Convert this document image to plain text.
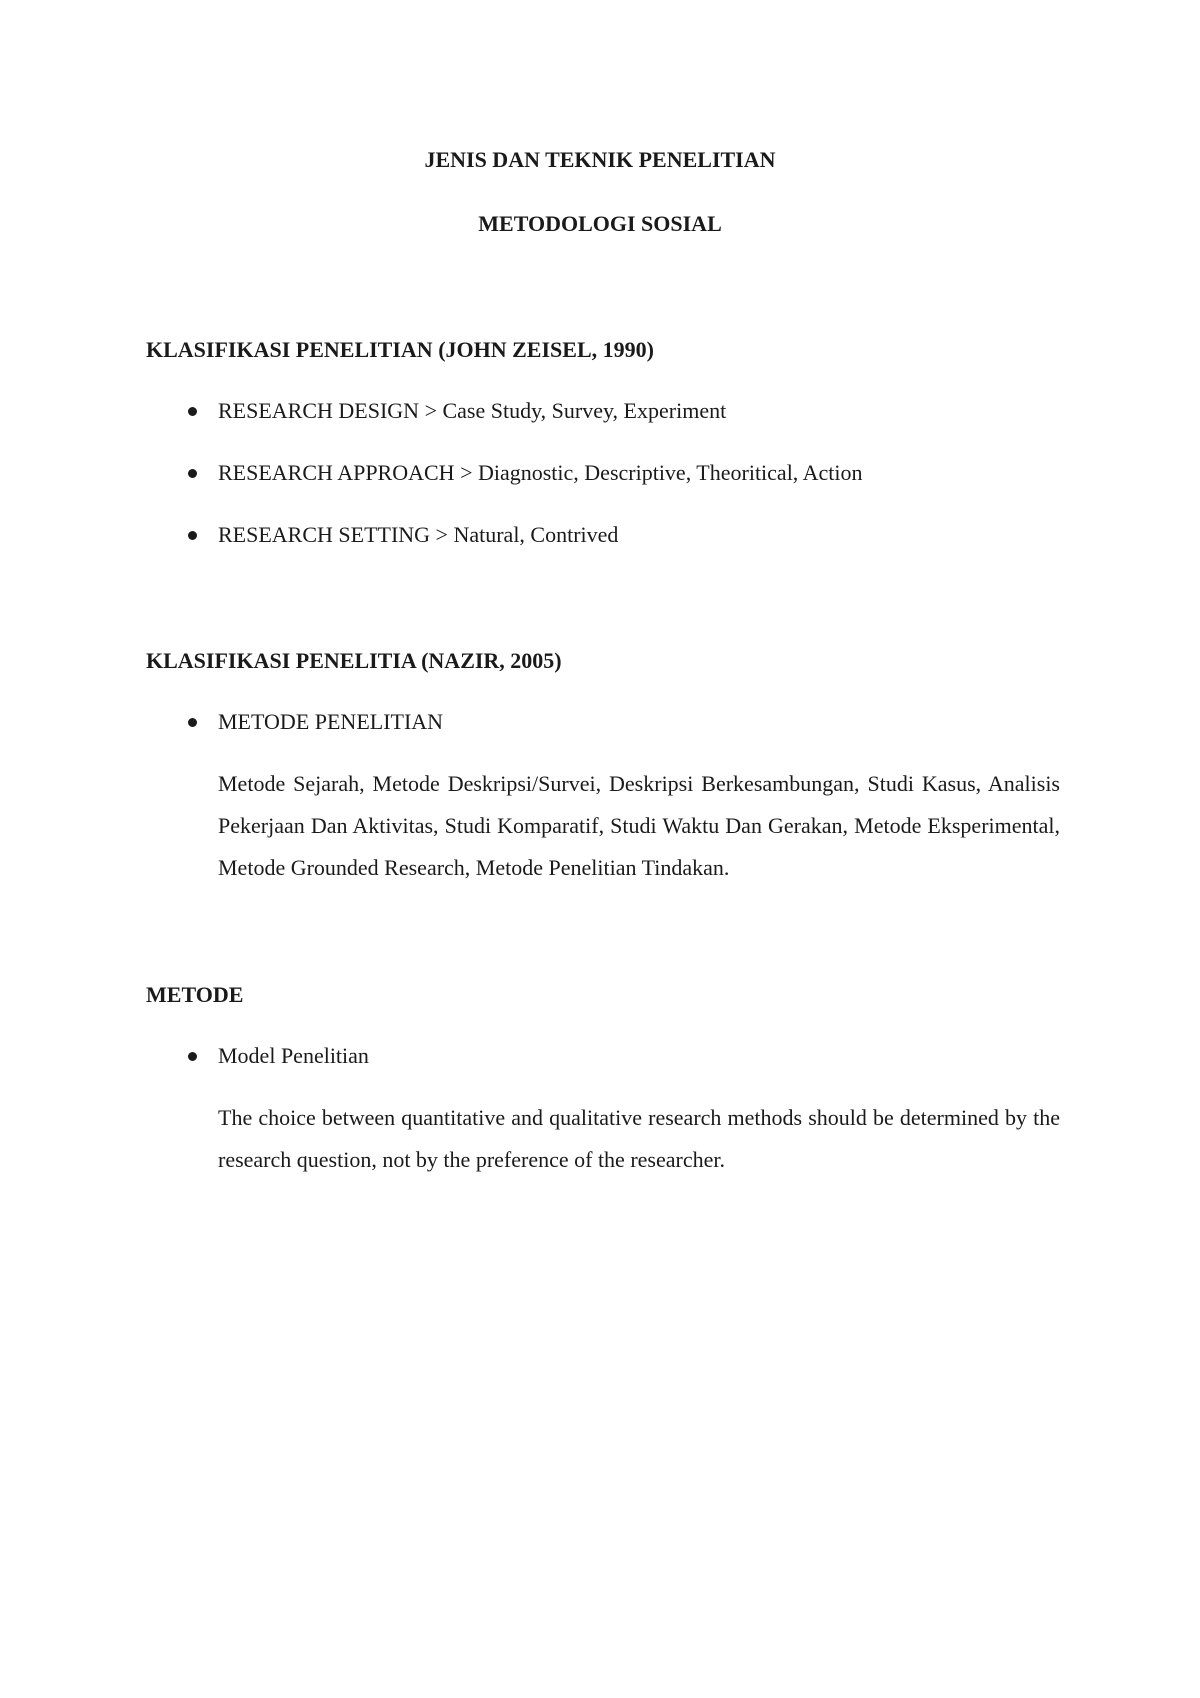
JENIS DAN TEKNIK PENELITIAN
METODOLOGI SOSIAL
KLASIFIKASI PENELITIAN (JOHN ZEISEL, 1990)
RESEARCH DESIGN > Case Study, Survey, Experiment
RESEARCH APPROACH > Diagnostic, Descriptive, Theoritical, Action
RESEARCH SETTING > Natural, Contrived
KLASIFIKASI PENELITIA (NAZIR, 2005)
METODE PENELITIAN
Metode Sejarah, Metode Deskripsi/Survei, Deskripsi Berkesambungan, Studi Kasus, Analisis Pekerjaan Dan Aktivitas, Studi Komparatif, Studi Waktu Dan Gerakan, Metode Eksperimental, Metode Grounded Research, Metode Penelitian Tindakan.
METODE
Model Penelitian
The choice between quantitative and qualitative research methods should be determined by the research question, not by the preference of the researcher.
